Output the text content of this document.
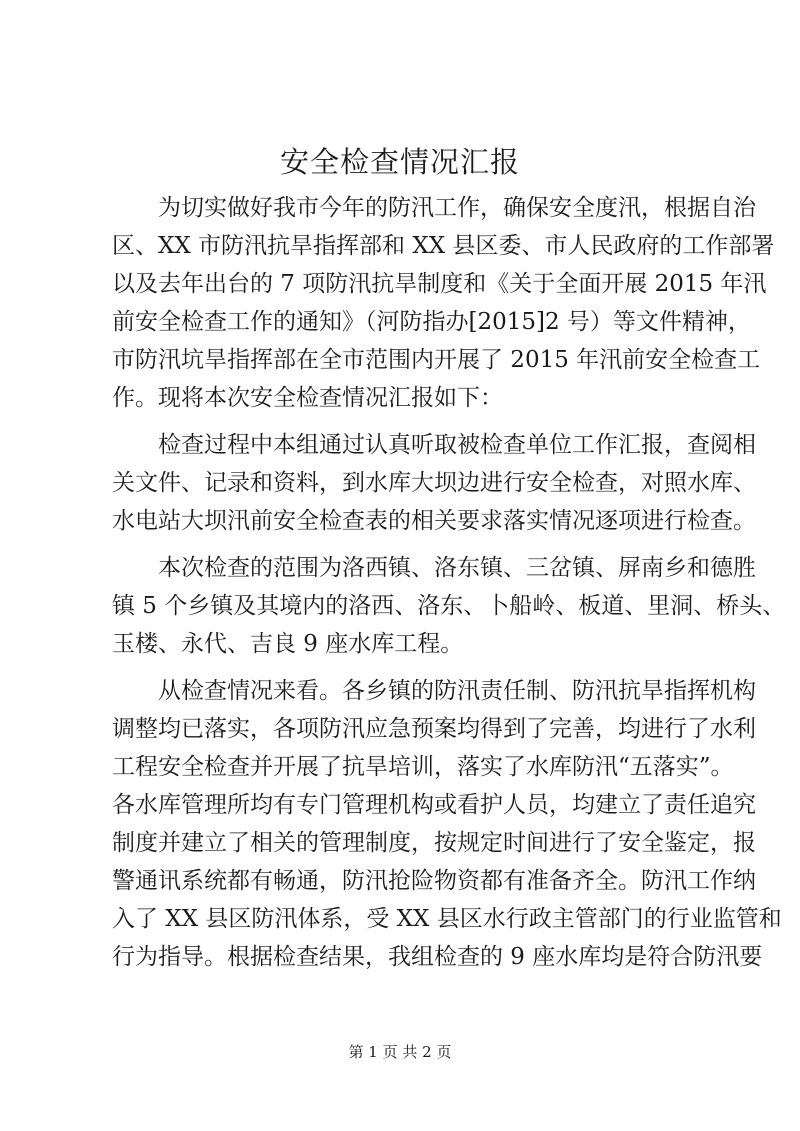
安全检查情况汇报

为切实做好我市今年的防汛工作，确保安全度汛，根据自治

区、XX 市防汛抗旱指挥部和 XX 县区委、市人民政府的工作部署

以及去年出台的 7 项防汛抗旱制度和《关于全面开展 2015 年汛

前安全检查工作的通知》（河防指办[2015]2 号）等文件精神，

市防汛坑旱指挥部在全市范围内开展了 2015 年汛前安全检查工

作。现将本次安全检查情况汇报如下：

检查过程中本组通过认真听取被检查单位工作汇报，查阅相

关文件、记录和资料，到水库大坝边进行安全检查，对照水库、

水电站大坝汛前安全检查表的相关要求落实情况逐项进行检查。

本次检查的范围为洛西镇、洛东镇、三岔镇、屏南乡和德胜

镇 5 个乡镇及其境内的洛西、洛东、卜船岭、板道、里洞、桥头、

玉楼、永代、吉良 9 座水库工程。

从检查情况来看。各乡镇的防汛责任制、防汛抗旱指挥机构

调整均已落实，各项防汛应急预案均得到了完善，均进行了水利

工程安全检查并开展了抗旱培训，落实了水库防汛“五落实”。

各水库管理所均有专门管理机构或看护人员，均建立了责任追究

制度并建立了相关的管理制度，按规定时间进行了安全鉴定，报

警通讯系统都有畅通，防汛抢险物资都有准备齐全。防汛工作纳

入了 XX 县区防汛体系，受 XX 县区水行政主管部门的行业监管和

行为指导。根据检查结果，我组检查的 9 座水库均是符合防汛要

第 1 页 共 2 页
